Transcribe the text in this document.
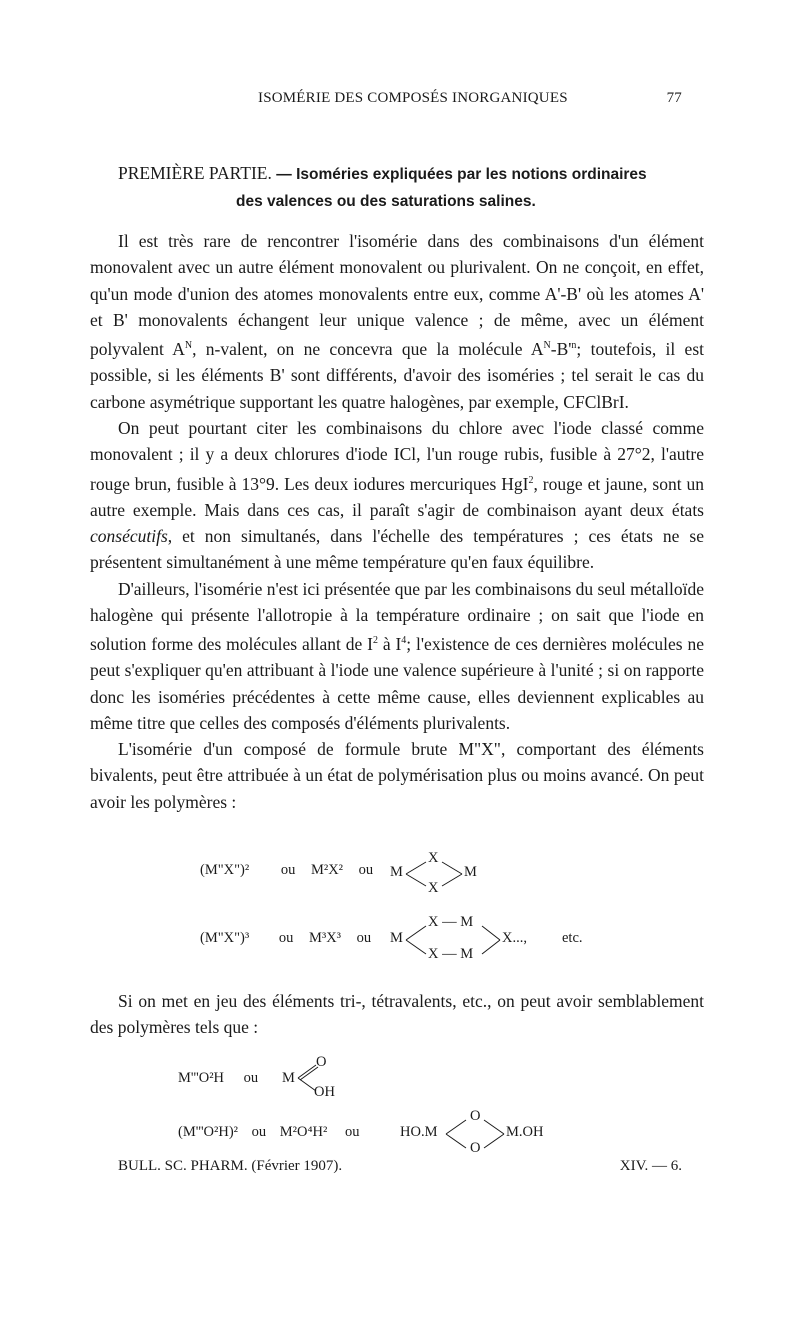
ISOMÉRIE DES COMPOSÉS INORGANIQUES	77
PREMIÈRE PARTIE. — Isoméries expliquées par les notions ordinaires
des valences ou des saturations salines.

Il est très rare de rencontrer l'isomérie dans des combinaisons d'un élément monovalent avec un autre élément monovalent ou plurivalent. On ne conçoit, en effet, qu'un mode d'union des atomes monovalents entre eux, comme A'-B' où les atomes A' et B' monovalents échangent leur unique valence ; de même, avec un élément polyvalent $A^N$, n-valent, on ne concevra que la molécule $A^N-B'^n$; toutefois, il est possible, si les éléments B' sont différents, d'avoir des isoméries ; tel serait le cas du carbone asymétrique supportant les quatre halogènes, par exemple, CFClBrI.

On peut pourtant citer les combinaisons du chlore avec l'iode classé comme monovalent ; il y a deux chlorures d'iode ICl, l'un rouge rubis, fusible à 27°2, l'autre rouge brun, fusible à 13°9. Les deux iodures mercuriques HgI$^2$, rouge et jaune, sont un autre exemple. Mais dans ces cas, il paraît s'agir de combinaison ayant deux états consécutifs, et non simultanés, dans l'échelle des températures ; ces états ne se présentent simultanément à une même température qu'en faux équilibre.

D'ailleurs, l'isomérie n'est ici présentée que par les combinaisons du seul métalloïde halogène qui présente l'allotropie à la température ordinaire ; on sait que l'iode en solution forme des molécules allant de $I^2$ à $I^4$; l'existence de ces dernières molécules ne peut s'expliquer qu'en attribuant à l'iode une valence supérieure à l'unité ; si on rapporte donc les isoméries précédentes à cette même cause, elles deviennent explicables au même titre que celles des composés d'éléments plurivalents.

L'isomérie d'un composé de formule brute M"X", comportant des éléments bivalents, peut être attribuée à un état de polymérisation plus ou moins avancé. On peut avoir les polymères :

(M"X")² ou M²X² ou M
X
X
M
(M"X")³ ou M³X³ ou M
X — M
X — M
X..., etc.

Si on met en jeu des éléments tri-, tétravalents, etc., on peut avoir semblablement des polymères tels que :

M'''O²H ou M
O
OH
(M'''O²H)² ou M²O⁴H² ou	HO.M
O
O
M.OH
BULL. SC. PHARM. (Février 1907).	XIV. — 6.
